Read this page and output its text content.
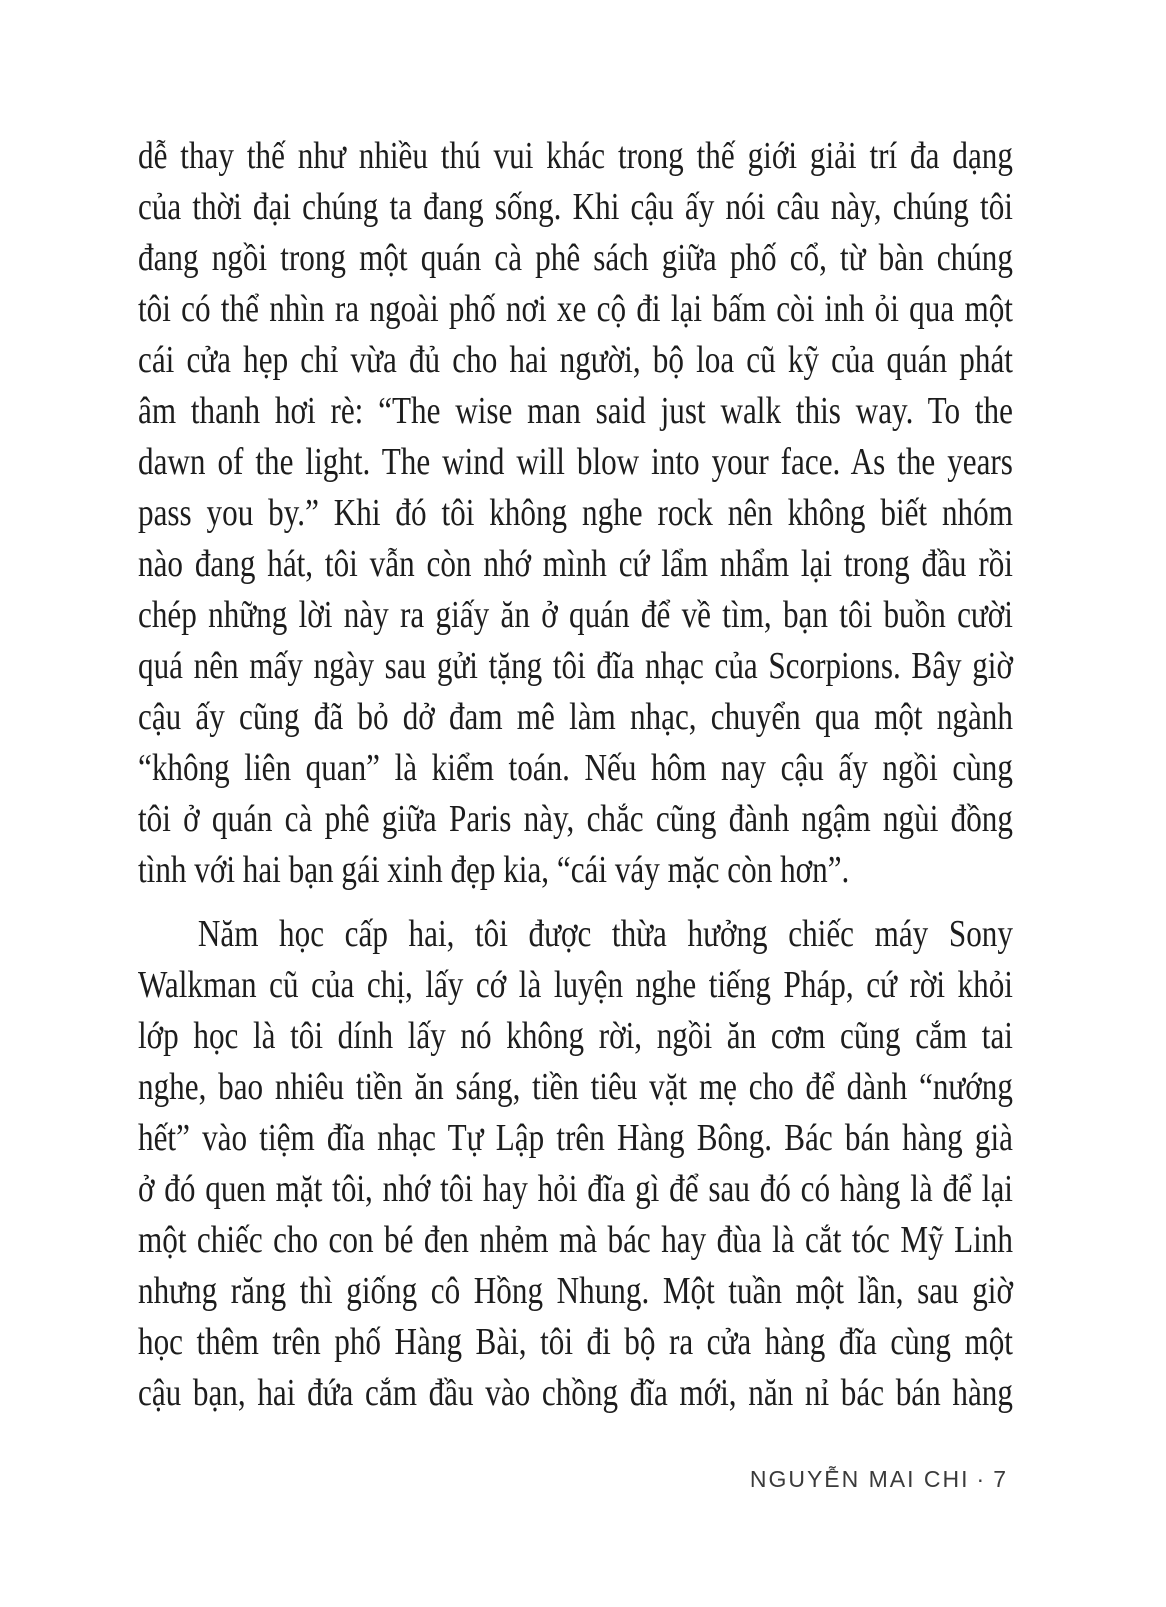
dễ thay thế như nhiều thú vui khác trong thế giới giải trí đa dạng
của thời đại chúng ta đang sống. Khi cậu ấy nói câu này, chúng tôi
đang ngồi trong một quán cà phê sách giữa phố cổ, từ bàn chúng
tôi có thể nhìn ra ngoài phố nơi xe cộ đi lại bấm còi inh ỏi qua một
cái cửa hẹp chỉ vừa đủ cho hai người, bộ loa cũ kỹ của quán phát
âm thanh hơi rè: “The wise man said just walk this way. To the
dawn of the light. The wind will blow into your face. As the years
pass you by.” Khi đó tôi không nghe rock nên không biết nhóm
nào đang hát, tôi vẫn còn nhớ mình cứ lẩm nhẩm lại trong đầu rồi
chép những lời này ra giấy ăn ở quán để về tìm, bạn tôi buồn cười
quá nên mấy ngày sau gửi tặng tôi đĩa nhạc của Scorpions. Bây giờ
cậu ấy cũng đã bỏ dở đam mê làm nhạc, chuyển qua một ngành
“không liên quan” là kiểm toán. Nếu hôm nay cậu ấy ngồi cùng
tôi ở quán cà phê giữa Paris này, chắc cũng đành ngậm ngùi đồng
tình với hai bạn gái xinh đẹp kia, “cái váy mặc còn hơn”.
Năm học cấp hai, tôi được thừa hưởng chiếc máy Sony
Walkman cũ của chị, lấy cớ là luyện nghe tiếng Pháp, cứ rời khỏi
lớp học là tôi dính lấy nó không rời, ngồi ăn cơm cũng cắm tai
nghe, bao nhiêu tiền ăn sáng, tiền tiêu vặt mẹ cho để dành “nướng
hết” vào tiệm đĩa nhạc Tự Lập trên Hàng Bông. Bác bán hàng già
ở đó quen mặt tôi, nhớ tôi hay hỏi đĩa gì để sau đó có hàng là để lại
một chiếc cho con bé đen nhẻm mà bác hay đùa là cắt tóc Mỹ Linh
nhưng răng thì giống cô Hồng Nhung. Một tuần một lần, sau giờ
học thêm trên phố Hàng Bài, tôi đi bộ ra cửa hàng đĩa cùng một
cậu bạn, hai đứa cắm đầu vào chồng đĩa mới, năn nỉ bác bán hàng
NGUYỄN MAI CHI · 7
